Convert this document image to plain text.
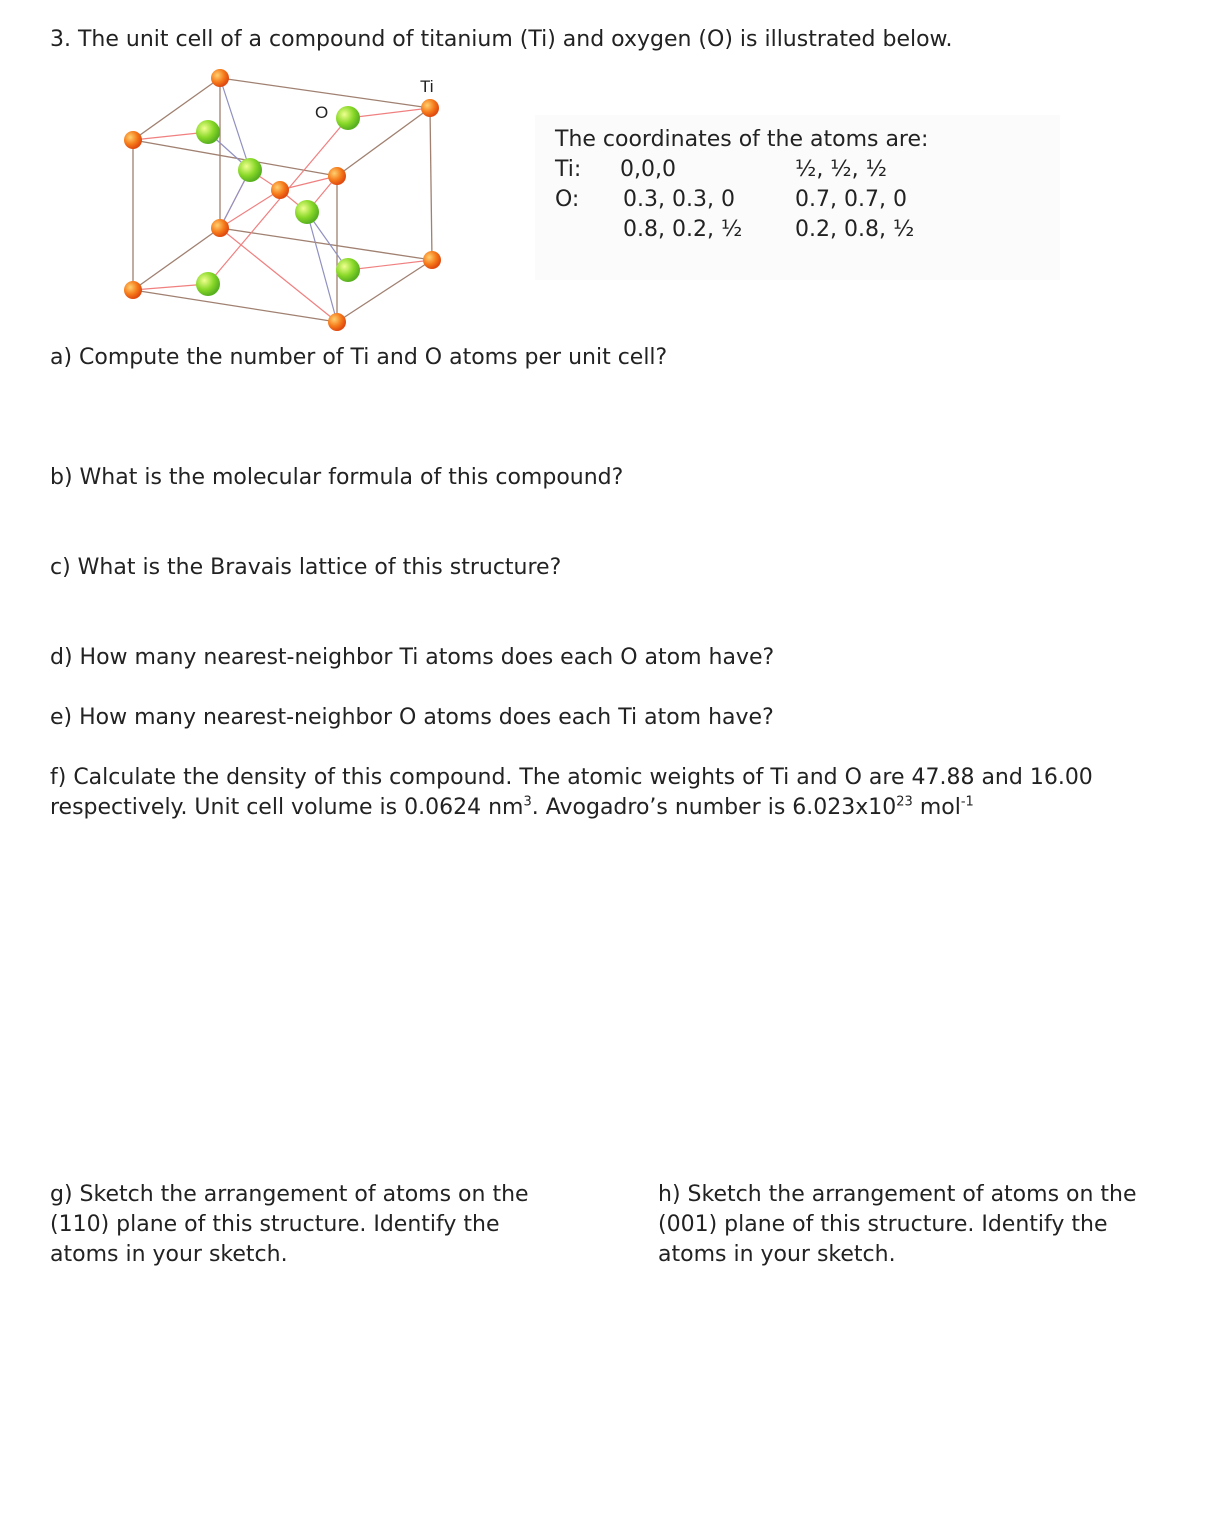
3. The unit cell of a compound of titanium (Ti) and oxygen (O) is illustrated below.
O
Ti
The coordinates of the atoms are:
Ti: 0,0,0	½, ½, ½
O: 0.3, 0.3, 0	0.7, 0.7, 0
0.8, 0.2, ½ 0.2, 0.8, ½
a) Compute the number of Ti and O atoms per unit cell?
b) What is the molecular formula of this compound?
c) What is the Bravais lattice of this structure?
d) How many nearest-neighbor Ti atoms does each O atom have?
e) How many nearest-neighbor O atoms does each Ti atom have?
f) Calculate the density of this compound. The atomic weights of Ti and O are 47.88 and 16.00
respectively. Unit cell volume is 0.0624 $nm^3$. Avogadro’s number is $6.023x10^{23}$ mol$^{-1}$
g) Sketch the arrangement of atoms on the
(110) plane of this structure. Identify the
atoms in your sketch.
h) Sketch the arrangement of atoms on the
(001) plane of this structure. Identify the
atoms in your sketch.
